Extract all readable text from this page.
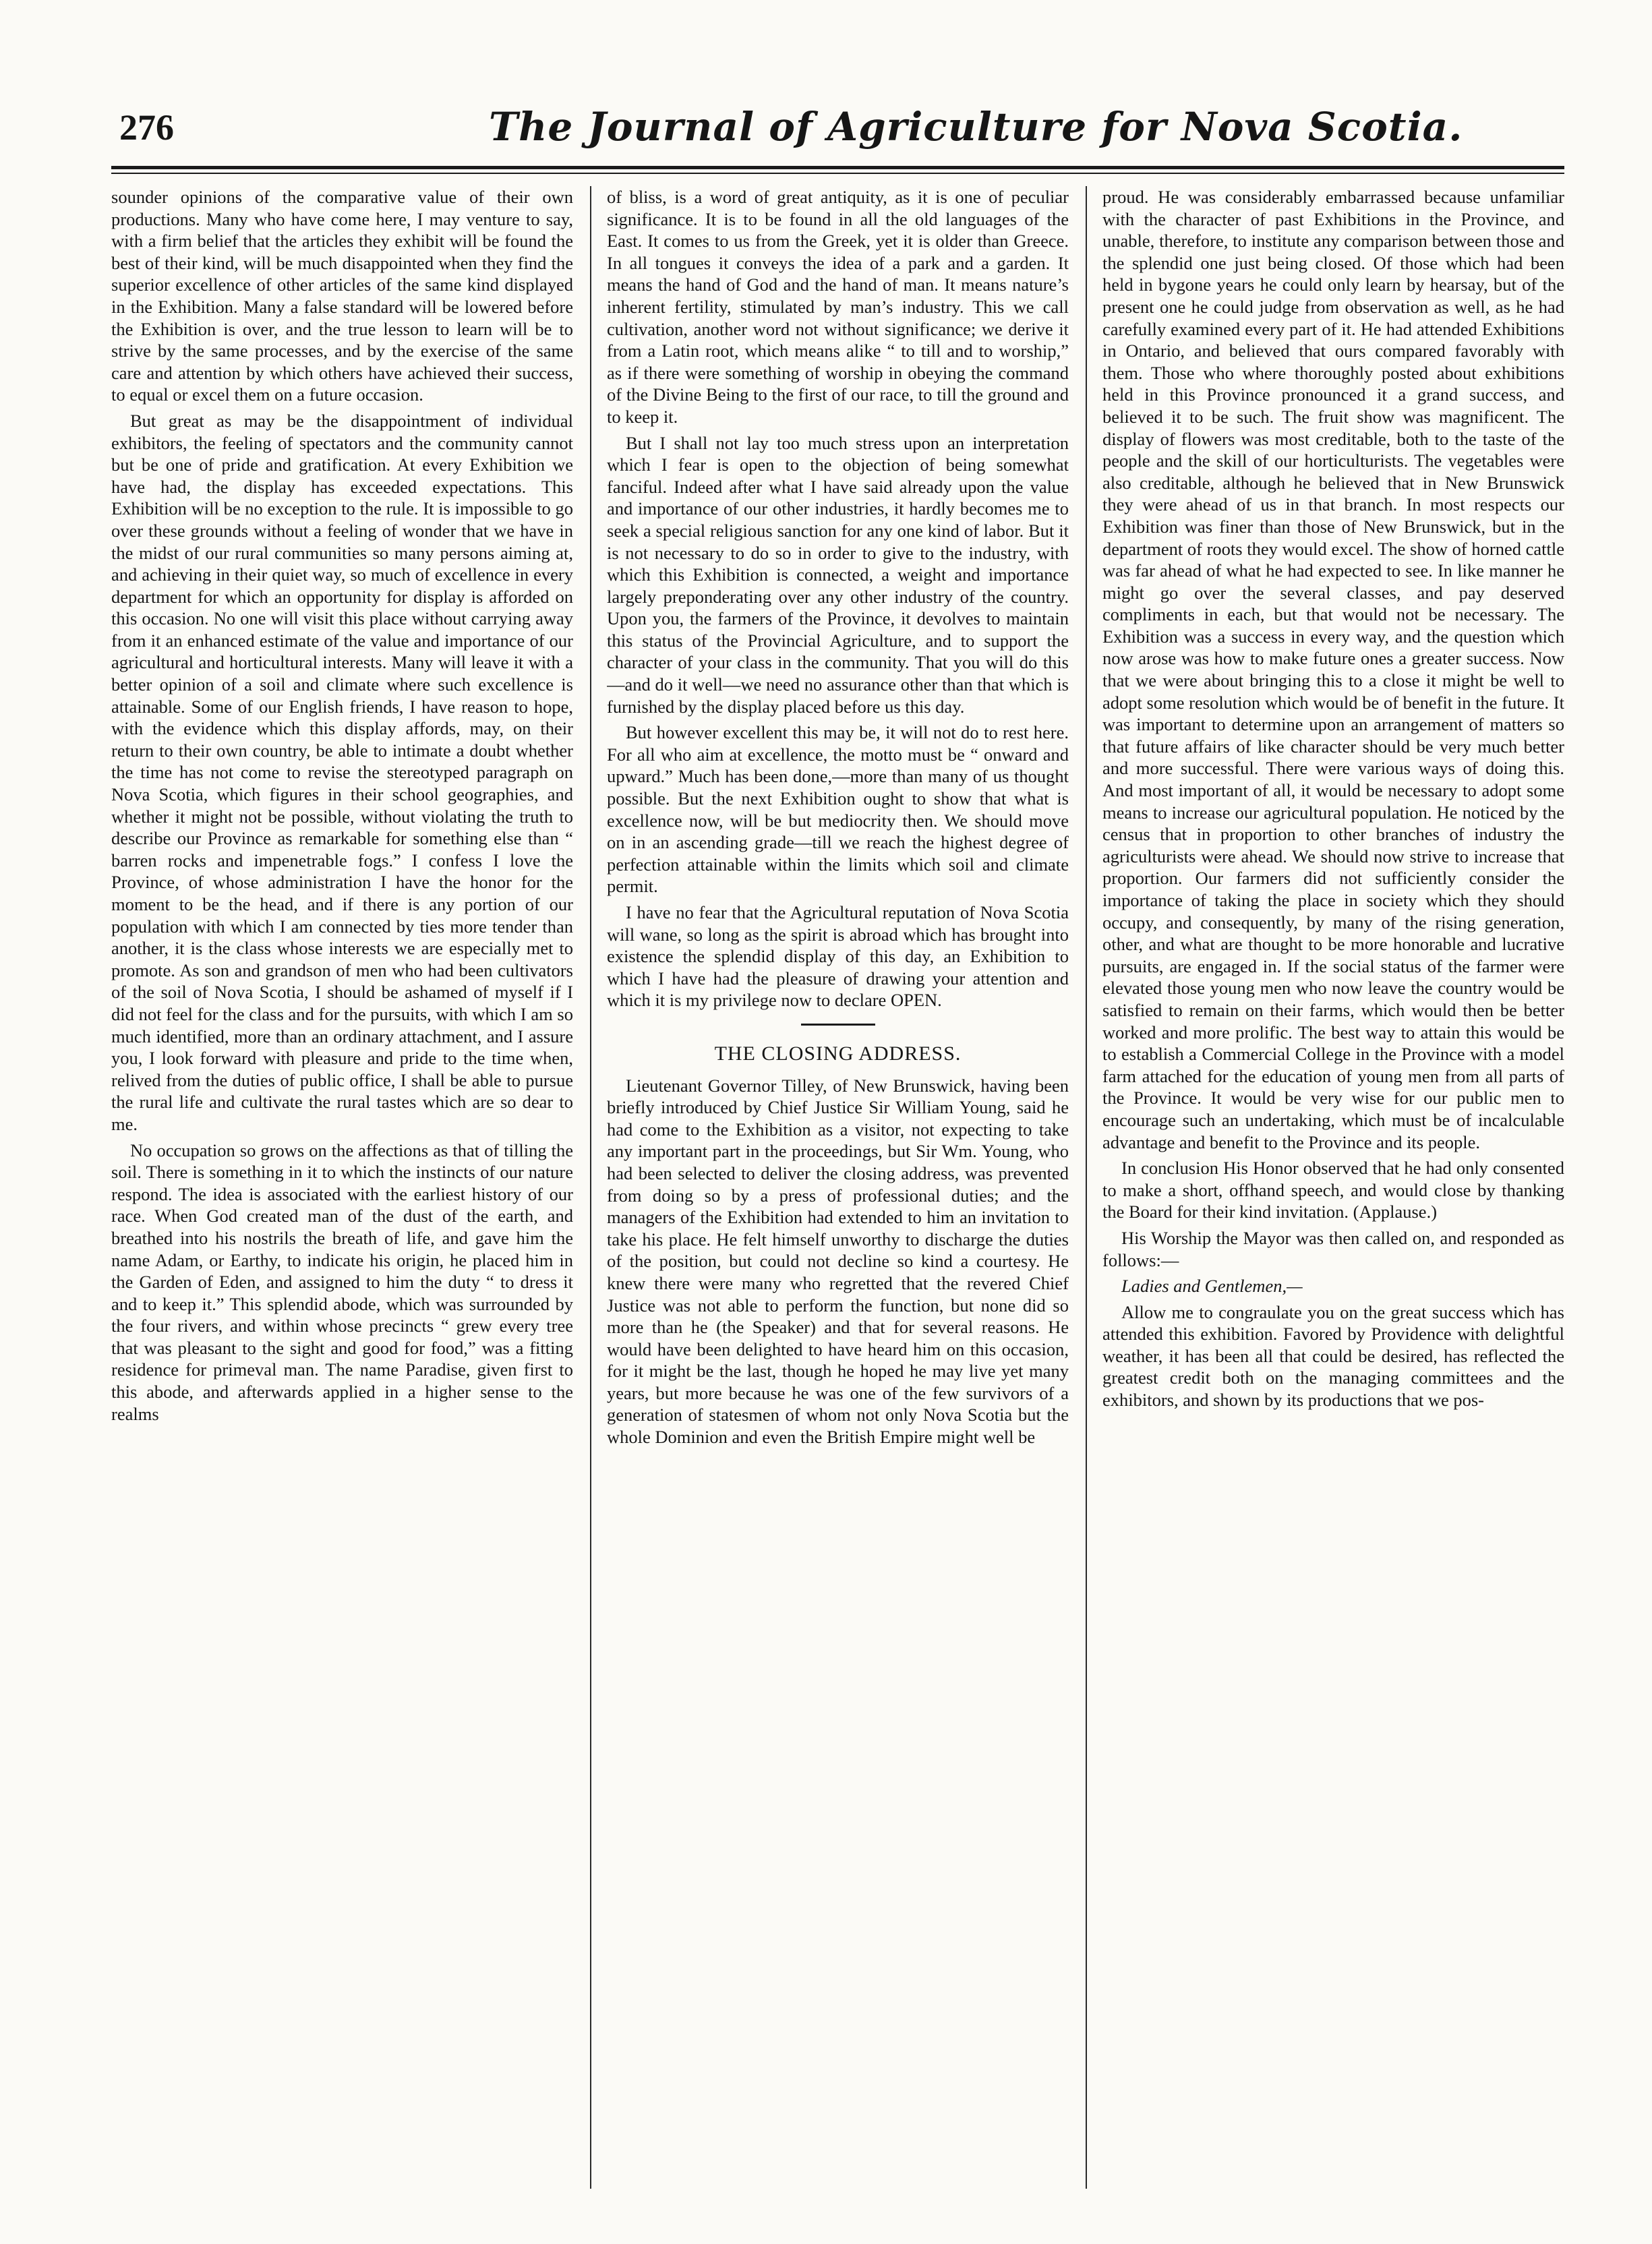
276	The Journal of Agriculture for Nova Scotia.

sounder opinions of the comparative value of their own productions. Many who have come here, I may venture to say, with a firm belief that the articles they exhibit will be found the best of their kind, will be much disappointed when they find the superior excellence of other articles of the same kind displayed in the Exhibition. Many a false standard will be lowered before the Exhibition is over, and the true lesson to learn will be to strive by the same processes, and by the exercise of the same care and attention by which others have achieved their success, to equal or excel them on a future occasion.

But great as may be the disappointment of individual exhibitors, the feeling of spectators and the community cannot but be one of pride and gratification. At every Exhibition we have had, the display has exceeded expectations. This Exhibition will be no exception to the rule. It is impossible to go over these grounds without a feeling of wonder that we have in the midst of our rural communities so many persons aiming at, and achieving in their quiet way, so much of excellence in every department for which an opportunity for display is afforded on this occasion. No one will visit this place without carrying away from it an enhanced estimate of the value and importance of our agricultural and horticultural interests. Many will leave it with a better opinion of a soil and climate where such excellence is attainable. Some of our English friends, I have reason to hope, with the evidence which this display affords, may, on their return to their own country, be able to intimate a doubt whether the time has not come to revise the stereotyped paragraph on Nova Scotia, which figures in their school geographies, and whether it might not be possible, without violating the truth to describe our Province as remarkable for something else than “ barren rocks and impenetrable fogs.” I confess I love the Province, of whose administration I have the honor for the moment to be the head, and if there is any portion of our population with which I am connected by ties more tender than another, it is the class whose interests we are especially met to promote. As son and grandson of men who had been cultivators of the soil of Nova Scotia, I should be ashamed of myself if I did not feel for the class and for the pursuits, with which I am so much identified, more than an ordinary attachment, and I assure you, I look forward with pleasure and pride to the time when, relived from the duties of public office, I shall be able to pursue the rural life and cultivate the rural tastes which are so dear to me.

No occupation so grows on the affections as that of tilling the soil. There is something in it to which the instincts of our nature respond. The idea is associated with the earliest history of our race. When God created man of the dust of the earth, and breathed into his nostrils the breath of life, and gave him the name Adam, or Earthy, to indicate his origin, he placed him in the Garden of Eden, and assigned to him the duty “ to dress it and to keep it.” This splendid abode, which was surrounded by the four rivers, and within whose precincts “ grew every tree that was pleasant to the sight and good for food,” was a fitting residence for primeval man. The name Paradise, given first to this abode, and afterwards applied in a higher sense to the realms

of bliss, is a word of great antiquity, as it is one of peculiar significance. It is to be found in all the old languages of the East. It comes to us from the Greek, yet it is older than Greece. In all tongues it conveys the idea of a park and a garden. It means the hand of God and the hand of man. It means nature’s inherent fertility, stimulated by man’s industry. This we call cultivation, another word not without significance; we derive it from a Latin root, which means alike “ to till and to worship,” as if there were something of worship in obeying the command of the Divine Being to the first of our race, to till the ground and to keep it.

But I shall not lay too much stress upon an interpretation which I fear is open to the objection of being somewhat fanciful. Indeed after what I have said already upon the value and importance of our other industries, it hardly becomes me to seek a special religious sanction for any one kind of labor. But it is not necessary to do so in order to give to the industry, with which this Exhibition is connected, a weight and importance largely preponderating over any other industry of the country. Upon you, the farmers of the Province, it devolves to maintain this status of the Provincial Agriculture, and to support the character of your class in the community. That you will do this—and do it well—we need no assurance other than that which is furnished by the display placed before us this day.

But however excellent this may be, it will not do to rest here. For all who aim at excellence, the motto must be “ onward and upward.” Much has been done,—more than many of us thought possible. But the next Exhibition ought to show that what is excellence now, will be but mediocrity then. We should move on in an ascending grade—till we reach the highest degree of perfection attainable within the limits which soil and climate permit.

I have no fear that the Agricultural reputation of Nova Scotia will wane, so long as the spirit is abroad which has brought into existence the splendid display of this day, an Exhibition to which I have had the pleasure of drawing your attention and which it is my privilege now to declare OPEN.

THE CLOSING ADDRESS.

Lieutenant Governor Tilley, of New Brunswick, having been briefly introduced by Chief Justice Sir William Young, said he had come to the Exhibition as a visitor, not expecting to take any important part in the proceedings, but Sir Wm. Young, who had been selected to deliver the closing address, was prevented from doing so by a press of professional duties; and the managers of the Exhibition had extended to him an invitation to take his place. He felt himself unworthy to discharge the duties of the position, but could not decline so kind a courtesy. He knew there were many who regretted that the revered Chief Justice was not able to perform the function, but none did so more than he (the Speaker) and that for several reasons. He would have been delighted to have heard him on this occasion, for it might be the last, though he hoped he may live yet many years, but more because he was one of the few survivors of a generation of statesmen of whom not only Nova Scotia but the whole Dominion and even the British Empire might well be

proud. He was considerably embarrassed because unfamiliar with the character of past Exhibitions in the Province, and unable, therefore, to institute any comparison between those and the splendid one just being closed. Of those which had been held in bygone years he could only learn by hearsay, but of the present one he could judge from observation as well, as he had carefully examined every part of it. He had attended Exhibitions in Ontario, and believed that ours compared favorably with them. Those who where thoroughly posted about exhibitions held in this Province pronounced it a grand success, and believed it to be such. The fruit show was magnificent. The display of flowers was most creditable, both to the taste of the people and the skill of our horticulturists. The vegetables were also creditable, although he believed that in New Brunswick they were ahead of us in that branch. In most respects our Exhibition was finer than those of New Brunswick, but in the department of roots they would excel. The show of horned cattle was far ahead of what he had expected to see. In like manner he might go over the several classes, and pay deserved compliments in each, but that would not be necessary. The Exhibition was a success in every way, and the question which now arose was how to make future ones a greater success. Now that we were about bringing this to a close it might be well to adopt some resolution which would be of benefit in the future. It was important to determine upon an arrangement of matters so that future affairs of like character should be very much better and more successful. There were various ways of doing this. And most important of all, it would be necessary to adopt some means to increase our agricultural population. He noticed by the census that in proportion to other branches of industry the agriculturists were ahead. We should now strive to increase that proportion. Our farmers did not sufficiently consider the importance of taking the place in society which they should occupy, and consequently, by many of the rising generation, other, and what are thought to be more honorable and lucrative pursuits, are engaged in. If the social status of the farmer were elevated those young men who now leave the country would be satisfied to remain on their farms, which would then be better worked and more prolific. The best way to attain this would be to establish a Commercial College in the Province with a model farm attached for the education of young men from all parts of the Province. It would be very wise for our public men to encourage such an undertaking, which must be of incalculable advantage and benefit to the Province and its people.

In conclusion His Honor observed that he had only consented to make a short, offhand speech, and would close by thanking the Board for their kind invitation. (Applause.)

His Worship the Mayor was then called on, and responded as follows:—

Ladies and Gentlemen,—

Allow me to congraulate you on the great success which has attended this exhibition. Favored by Providence with delightful weather, it has been all that could be desired, has reflected the greatest credit both on the managing committees and the exhibitors, and shown by its productions that we pos-
